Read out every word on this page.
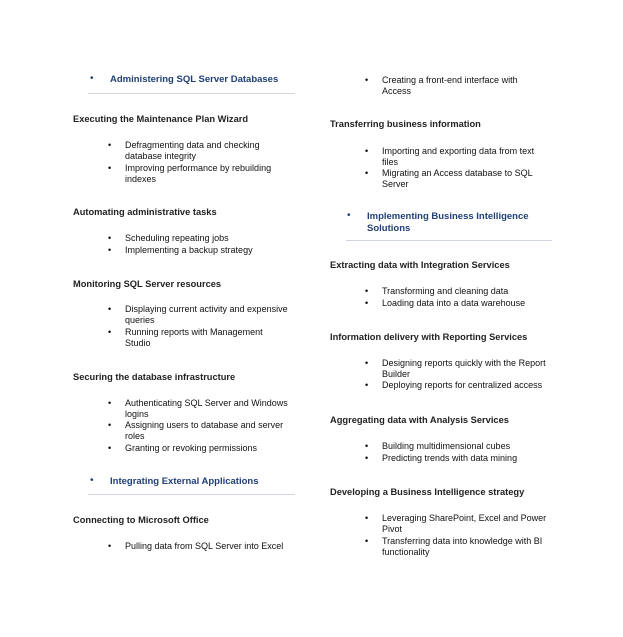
• Administering SQL Server Databases
Executing the Maintenance Plan Wizard
• Defragmenting data and checking database integrity
• Improving performance by rebuilding indexes
Automating administrative tasks
• Scheduling repeating jobs
• Implementing a backup strategy
Monitoring SQL Server resources
• Displaying current activity and expensive queries
• Running reports with Management Studio
Securing the database infrastructure
• Authenticating SQL Server and Windows logins
• Assigning users to database and server roles
• Granting or revoking permissions
• Integrating External Applications
Connecting to Microsoft Office
• Pulling data from SQL Server into Excel
• Creating a front-end interface with Access
Transferring business information
• Importing and exporting data from text files
• Migrating an Access database to SQL Server
• Implementing Business Intelligence Solutions
Extracting data with Integration Services
• Transforming and cleaning data
• Loading data into a data warehouse
Information delivery with Reporting Services
• Designing reports quickly with the Report Builder
• Deploying reports for centralized access
Aggregating data with Analysis Services
• Building multidimensional cubes
• Predicting trends with data mining
Developing a Business Intelligence strategy
• Leveraging SharePoint, Excel and Power Pivot
• Transferring data into knowledge with BI functionality
